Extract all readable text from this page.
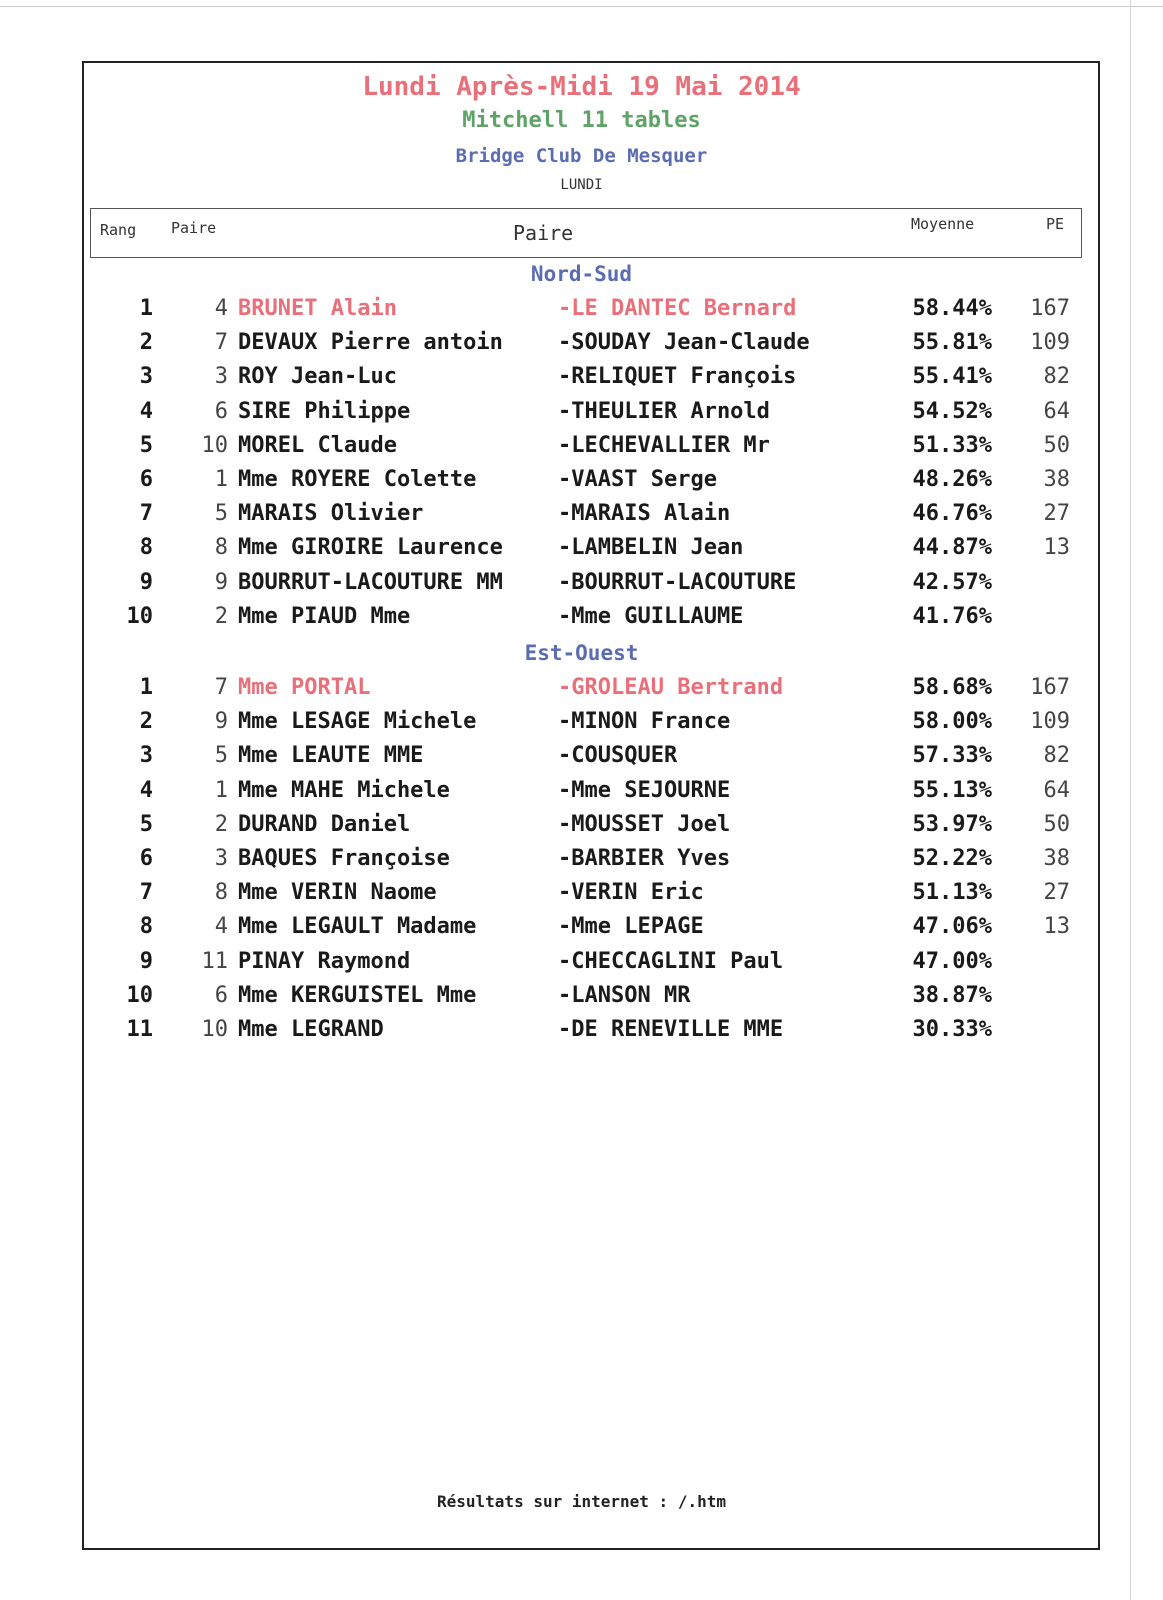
Lundi Après-Midi 19 Mai 2014
Mitchell 11 tables
Bridge Club De Mesquer
LUNDI
Rang Paire	Paire	Moyenne	PE
Nord-Sud
1	4 BRUNET Alain	-LE DANTEC Bernard	58.44%	167
2	7 DEVAUX Pierre antoin	-SOUDAY Jean-Claude	55.81%	109
3	3 ROY Jean-Luc	-RELIQUET François	55.41%	82
4	6 SIRE Philippe	-THEULIER Arnold	54.52%	64
5	10 MOREL Claude	-LECHEVALLIER Mr	51.33%	50
6	1 Mme ROYERE Colette	-VAAST Serge	48.26%	38
7	5 MARAIS Olivier	-MARAIS Alain	46.76%	27
8	8 Mme GIROIRE Laurence	-LAMBELIN Jean	44.87%	13
9	9 BOURRUT-LACOUTURE MM	-BOURRUT-LACOUTURE	42.57%
10	2 Mme PIAUD Mme	-Mme GUILLAUME	41.76%
Est-Ouest
1	7 Mme PORTAL	-GROLEAU Bertrand	58.68%	167
2	9 Mme LESAGE Michele	-MINON France	58.00%	109
3	5 Mme LEAUTE MME	-COUSQUER	57.33%	82
4	1 Mme MAHE Michele	-Mme SEJOURNE	55.13%	64
5	2 DURAND Daniel	-MOUSSET Joel	53.97%	50
6	3 BAQUES Françoise	-BARBIER Yves	52.22%	38
7	8 Mme VERIN Naome	-VERIN Eric	51.13%	27
8	4 Mme LEGAULT Madame	-Mme LEPAGE	47.06%	13
9	11 PINAY Raymond	-CHECCAGLINI Paul	47.00%
10	6 Mme KERGUISTEL Mme	-LANSON MR	38.87%
11	10 Mme LEGRAND	-DE RENEVILLE MME	30.33%
Résultats sur internet : /.htm
